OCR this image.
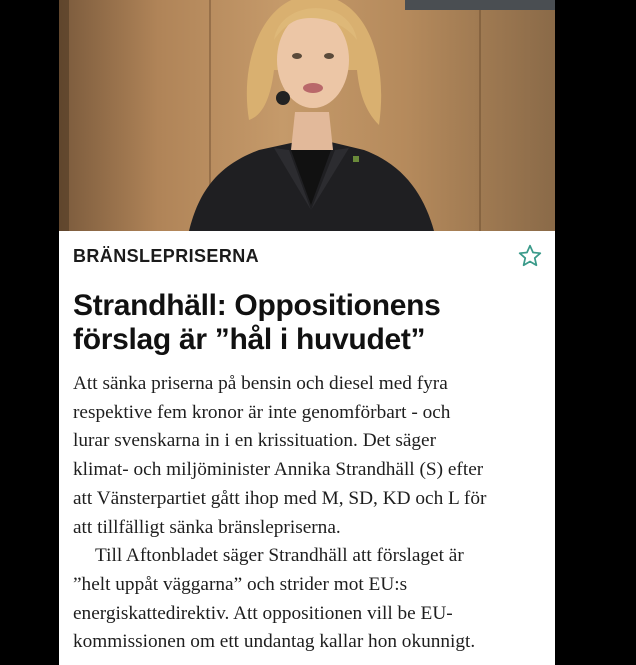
BRÄNSLEPRISERNA
Strandhäll: Oppositionens
förslag är ”hål i huvudet”
Att sänka priserna på bensin och diesel med fyra
respektive fem kronor är inte genomförbart - och
lurar svenskarna in i en krissituation. Det säger
klimat- och miljöminister Annika Strandhäll (S) efter
att Vänsterpartiet gått ihop med M, SD, KD och L för
att tillfälligt sänka bränslepriserna.
Till Aftonbladet säger Strandhäll att förslaget är
”helt uppåt väggarna” och strider mot EU:s
energiskattedirektiv. Att oppositionen vill be EU-
kommissionen om ett undantag kallar hon okunnigt.
